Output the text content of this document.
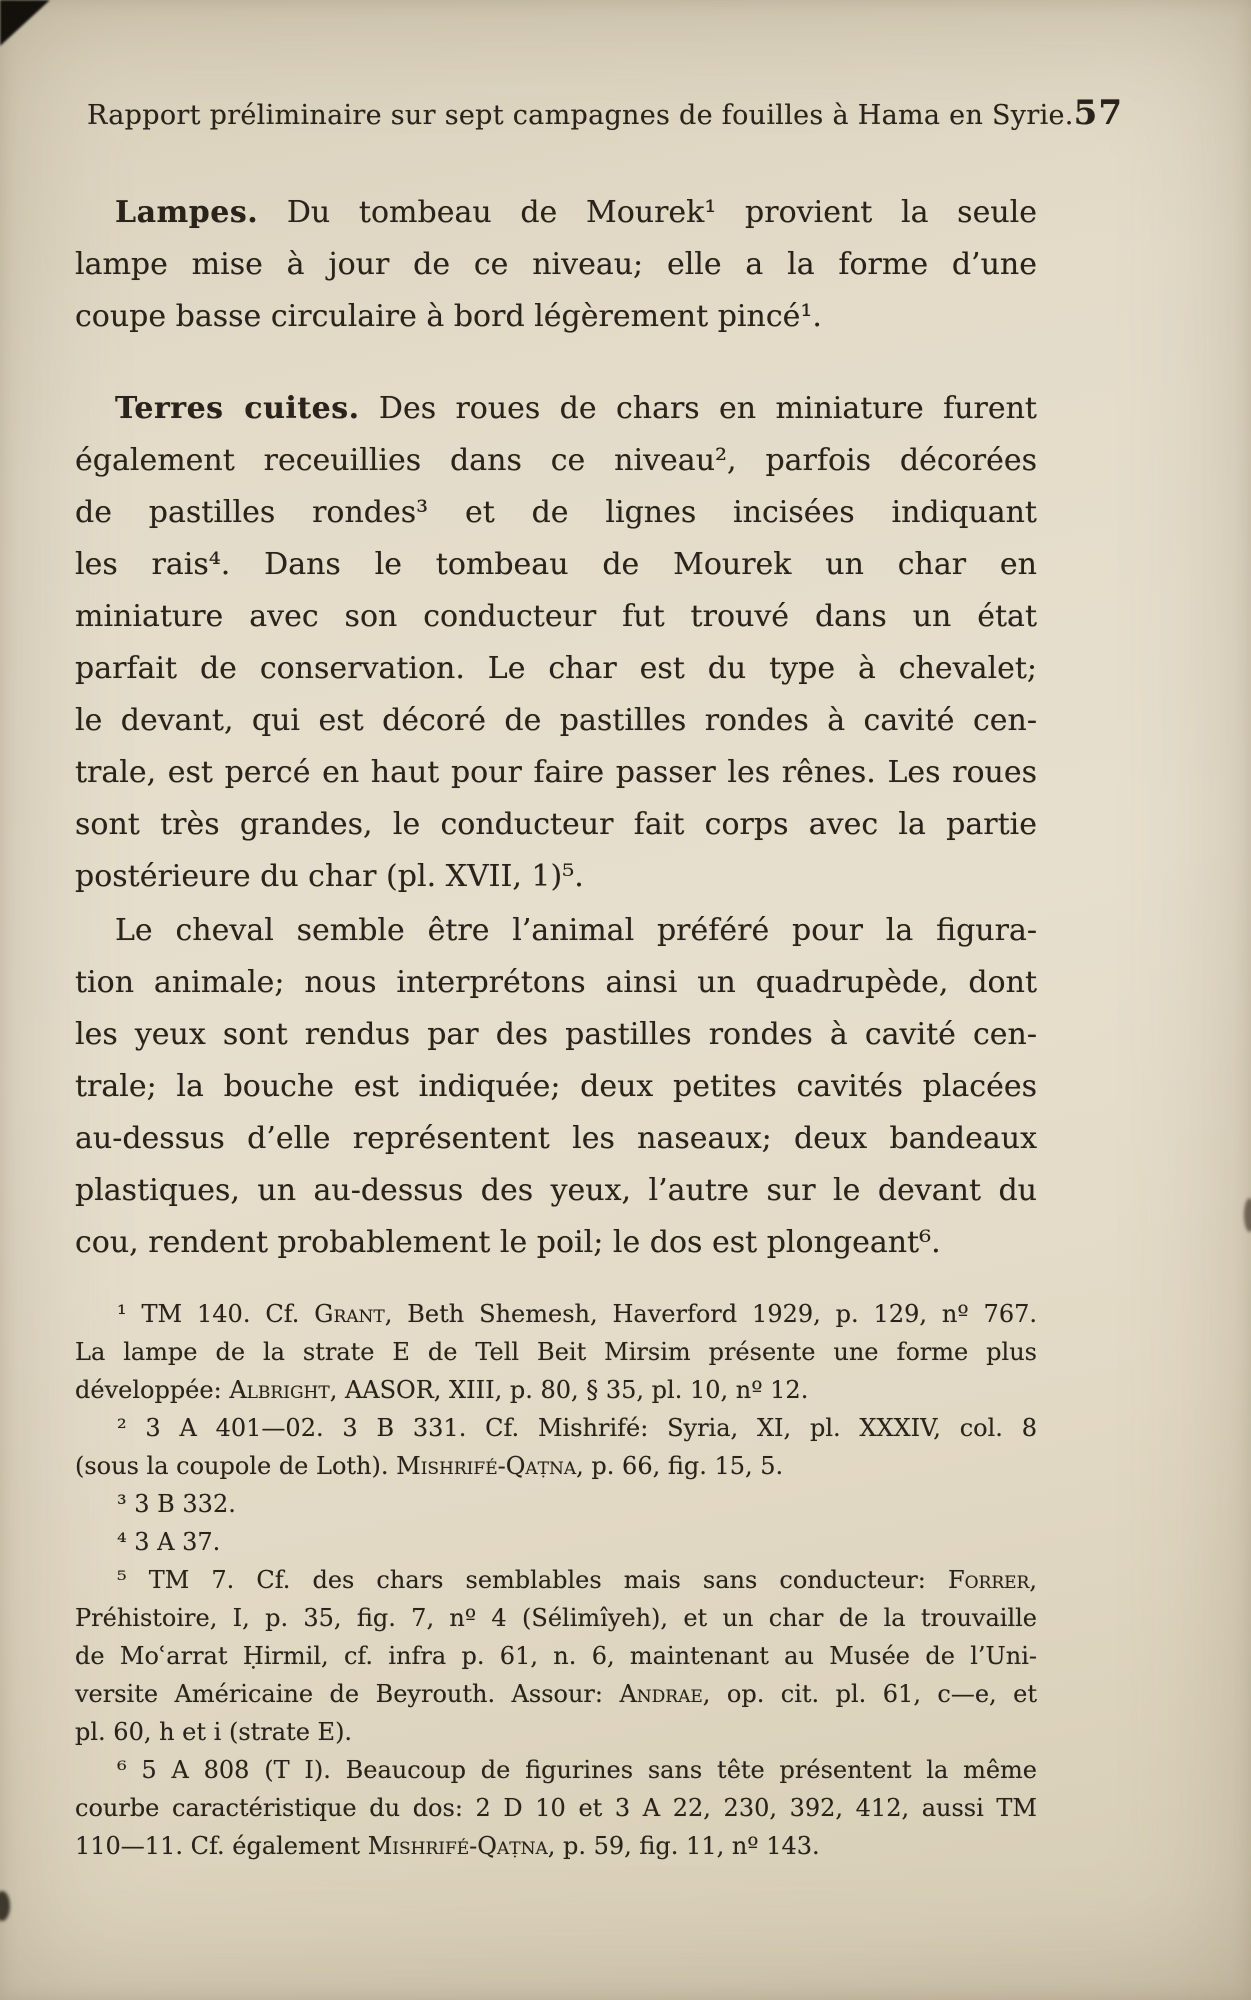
Rapport préliminaire sur sept campagnes de fouilles à Hama en Syrie. 57
Lampes. Du tombeau de Mourek¹ provient la seule
lampe mise à jour de ce niveau; elle a la forme d’une
coupe basse circulaire à bord légèrement pincé¹.
Terres cuites. Des roues de chars en miniature furent
également receuillies dans ce niveau², parfois décorées
de pastilles rondes³ et de lignes incisées indiquant
les rais⁴. Dans le tombeau de Mourek un char en
miniature avec son conducteur fut trouvé dans un état
parfait de conservation. Le char est du type à chevalet;
le devant, qui est décoré de pastilles rondes à cavité cen-
trale, est percé en haut pour faire passer les rênes. Les roues
sont très grandes, le conducteur fait corps avec la partie
postérieure du char (pl. XVII, 1)⁵.
Le cheval semble être l’animal préféré pour la figura-
tion animale; nous interprétons ainsi un quadrupède, dont
les yeux sont rendus par des pastilles rondes à cavité cen-
trale; la bouche est indiquée; deux petites cavités placées
au-dessus d’elle représentent les naseaux; deux bandeaux
plastiques, un au-dessus des yeux, l’autre sur le devant du
cou, rendent probablement le poil; le dos est plongeant⁶.
¹ TM 140. Cf. Grant, Beth Shemesh, Haverford 1929, p. 129, nº 767.
La lampe de la strate E de Tell Beit Mirsim présente une forme plus
développée: Albright, AASOR, XIII, p. 80, § 35, pl. 10, nº 12.
² 3 A 401—02. 3 B 331. Cf. Mishrifé: Syria, XI, pl. XXXIV, col. 8
(sous la coupole de Loth). Mishrifé-Qaṭna, p. 66, fig. 15, 5.
³ 3 B 332.
⁴ 3 A 37.
⁵ TM 7. Cf. des chars semblables mais sans conducteur: Forrer,
Préhistoire, I, p. 35, fig. 7, nº 4 (Sélimîyeh), et un char de la trouvaille
de Moʿarrat Ḥirmil, cf. infra p. 61, n. 6, maintenant au Musée de l’Uni-
versite Américaine de Beyrouth. Assour: Andrae, op. cit. pl. 61, c—e, et
pl. 60, h et i (strate E).
⁶ 5 A 808 (T I). Beaucoup de figurines sans tête présentent la même
courbe caractéristique du dos: 2 D 10 et 3 A 22, 230, 392, 412, aussi TM
110—11. Cf. également Mishrifé-Qaṭna, p. 59, fig. 11, nº 143.
